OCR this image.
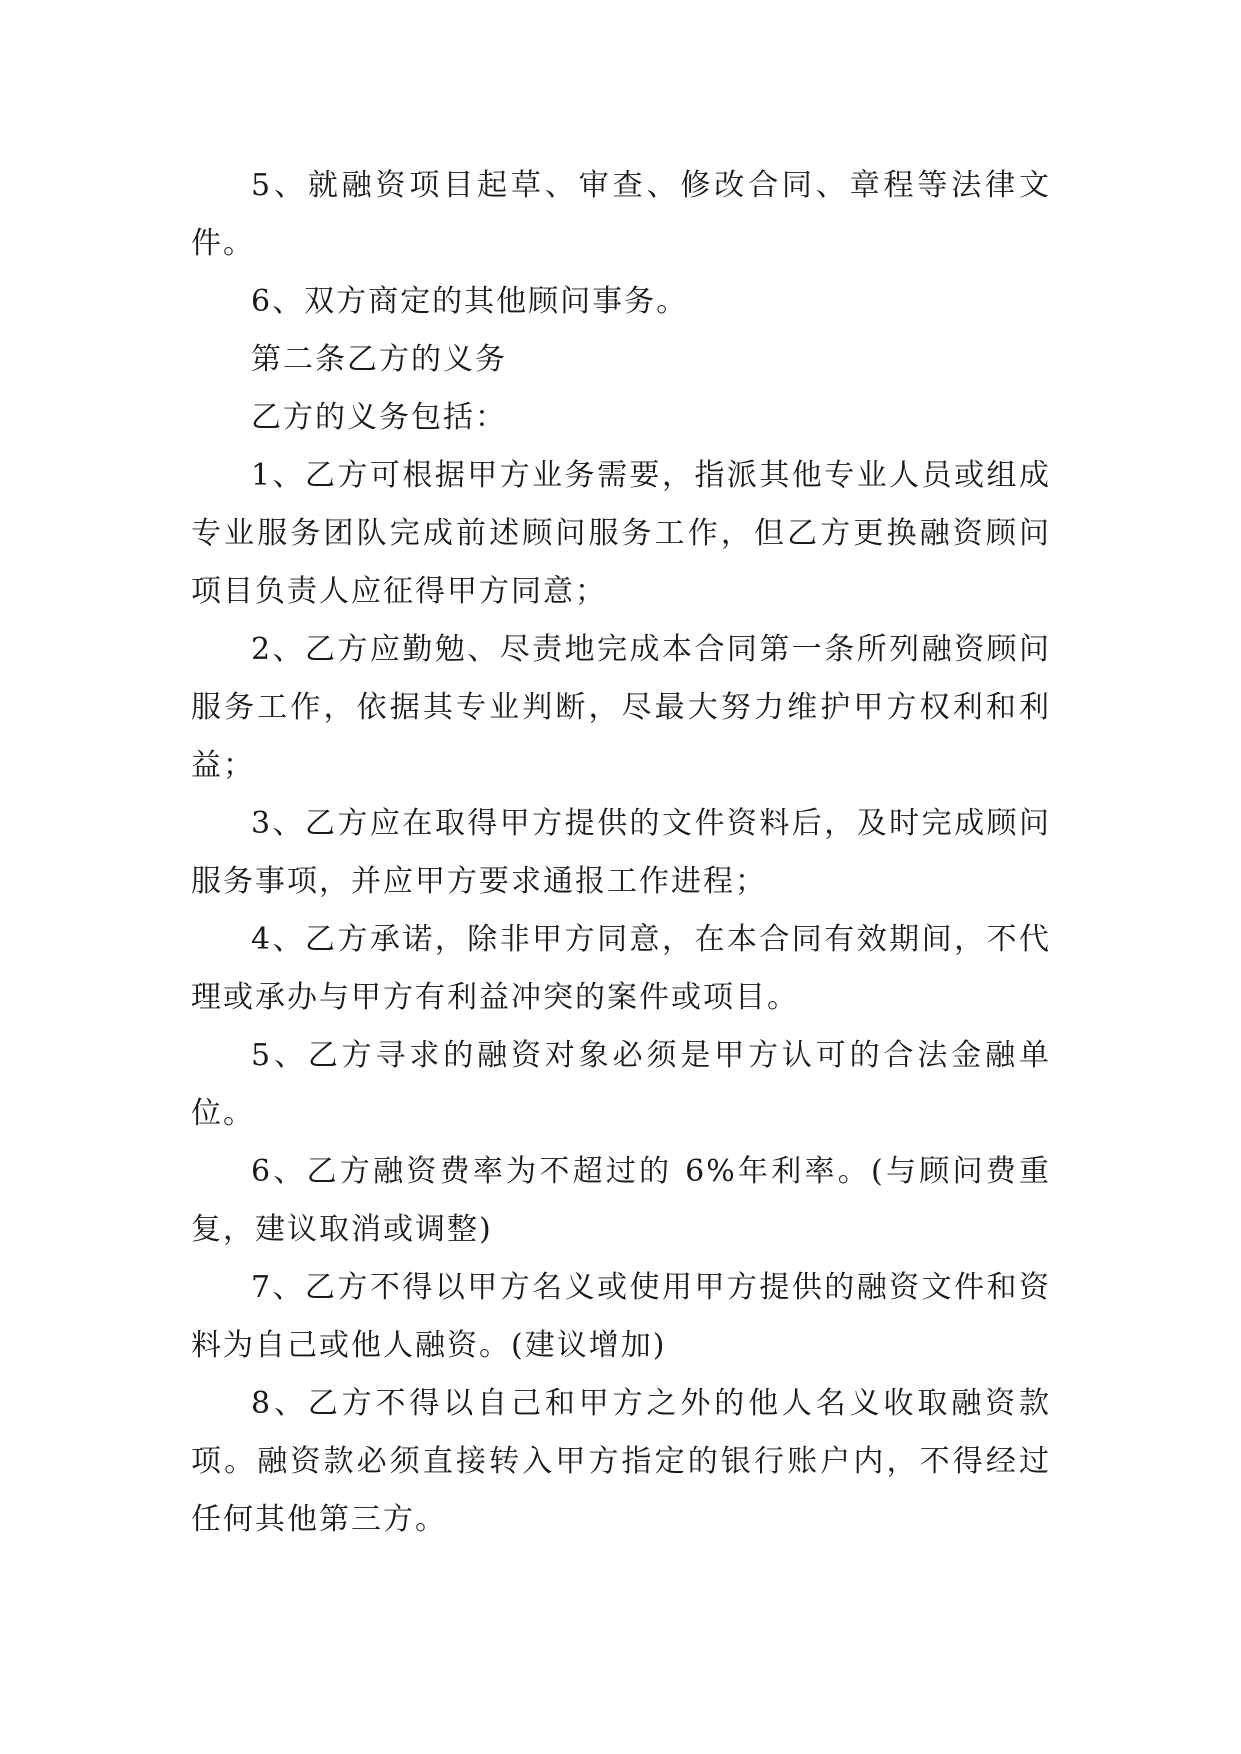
5、就融资项目起草、审查、修改合同、章程等法律文件。

6、双方商定的其他顾问事务。

第二条乙方的义务

乙方的义务包括：

1、乙方可根据甲方业务需要，指派其他专业人员或组成专业服务团队完成前述顾问服务工作，但乙方更换融资顾问项目负责人应征得甲方同意；

2、乙方应勤勉、尽责地完成本合同第一条所列融资顾问服务工作，依据其专业判断，尽最大努力维护甲方权利和利益；

3、乙方应在取得甲方提供的文件资料后，及时完成顾问服务事项，并应甲方要求通报工作进程；

4、乙方承诺，除非甲方同意，在本合同有效期间，不代理或承办与甲方有利益冲突的案件或项目。

5、乙方寻求的融资对象必须是甲方认可的合法金融单位。

6、乙方融资费率为不超过的 6%年利率。(与顾问费重复，建议取消或调整)

7、乙方不得以甲方名义或使用甲方提供的融资文件和资料为自己或他人融资。(建议增加)

8、乙方不得以自己和甲方之外的他人名义收取融资款项。融资款必须直接转入甲方指定的银行账户内，不得经过任何其他第三方。
